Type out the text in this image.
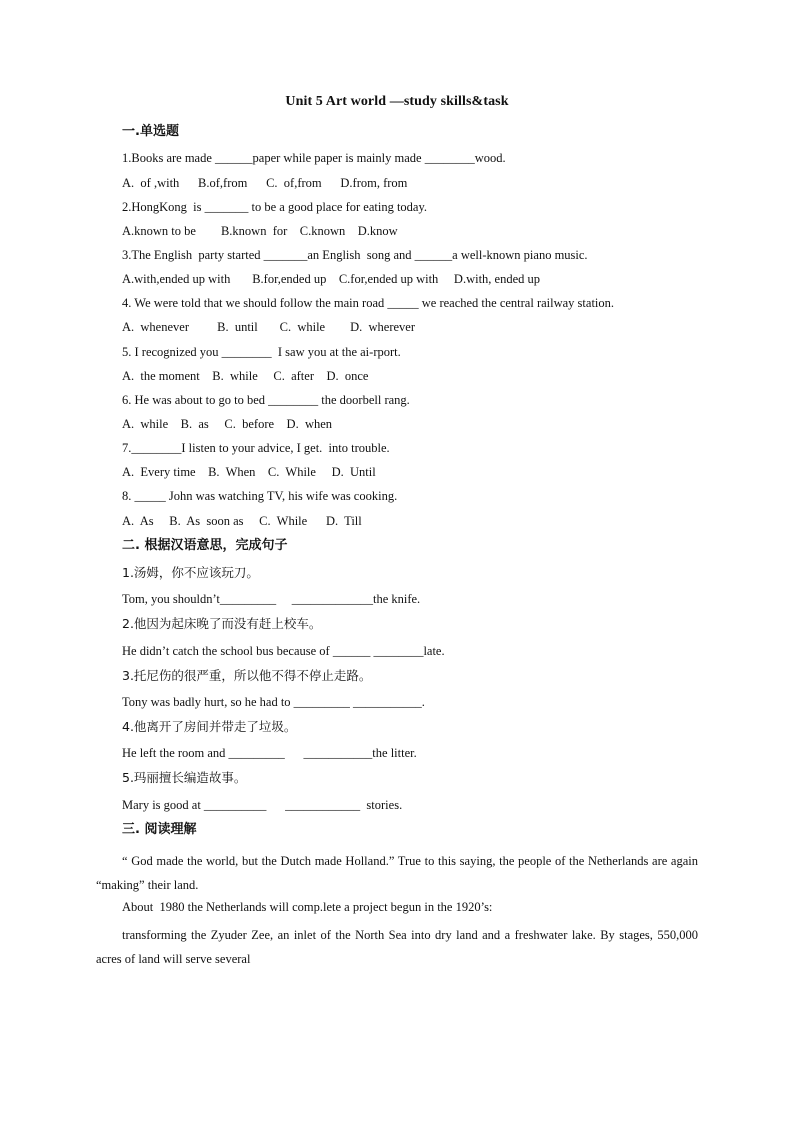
Unit 5 Art world —study skills&task
一.单选题
1.Books are made ______paper while paper is mainly made ________wood.
A.  of ,with      B.of,from      C.  of,from      D.from, from
2.HongKong  is _______ to be a good place for eating today.
A.known to be        B.known  for    C.known    D.know
3.The English  party started _______an English  song and ______a well-known piano music.
A.with,ended up with       B.for,ended up    C.for,ended up with     D.with, ended up
4. We were told that we should follow the main road _____ we reached the central railway station.
A.  whenever         B.  until       C.  while        D.  wherever
5. I recognized you ________  I saw you at the ai-rport.
A.  the moment    B.  while     C.  after    D.  once
6. He was about to go to bed ________ the doorbell rang.
A.  while    B.  as     C.  before    D.  when
7.________I listen to your advice, I get.  into trouble.
A.  Every time    B.  When    C.  While     D.  Until
8. _____ John was watching TV, his wife was cooking.
A.  As     B.  As  soon as     C.  While      D.  Till
二. 根据汉语意思，完成句子
1.汤姆，你不应该玩刀。
Tom, you shouldn’t_________     _____________the knife.
2.他因为起床晚了而没有赶上校车。
He didn’t catch the school bus because of ______ ________late.
3.托尼伤的很严重，所以他不得不停止走路。
Tony was badly hurt, so he had to _________ ___________.
4.他离开了房间并带走了垃圾。
He left the room and _________      ___________the litter.
5.玛丽擅长编造故事。
Mary is good at __________      ____________  stories.
三. 阅读理解
“ God made the world, but the Dutch made Holland.” True to this saying, the people of the Netherlands are again “making” their land.
About  1980 the Netherlands will comp.lete a project begun in the 1920’s:
transforming the Zyuder Zee, an inlet of the North Sea into dry land and a freshwater lake. By stages, 550,000 acres of land will serve several
